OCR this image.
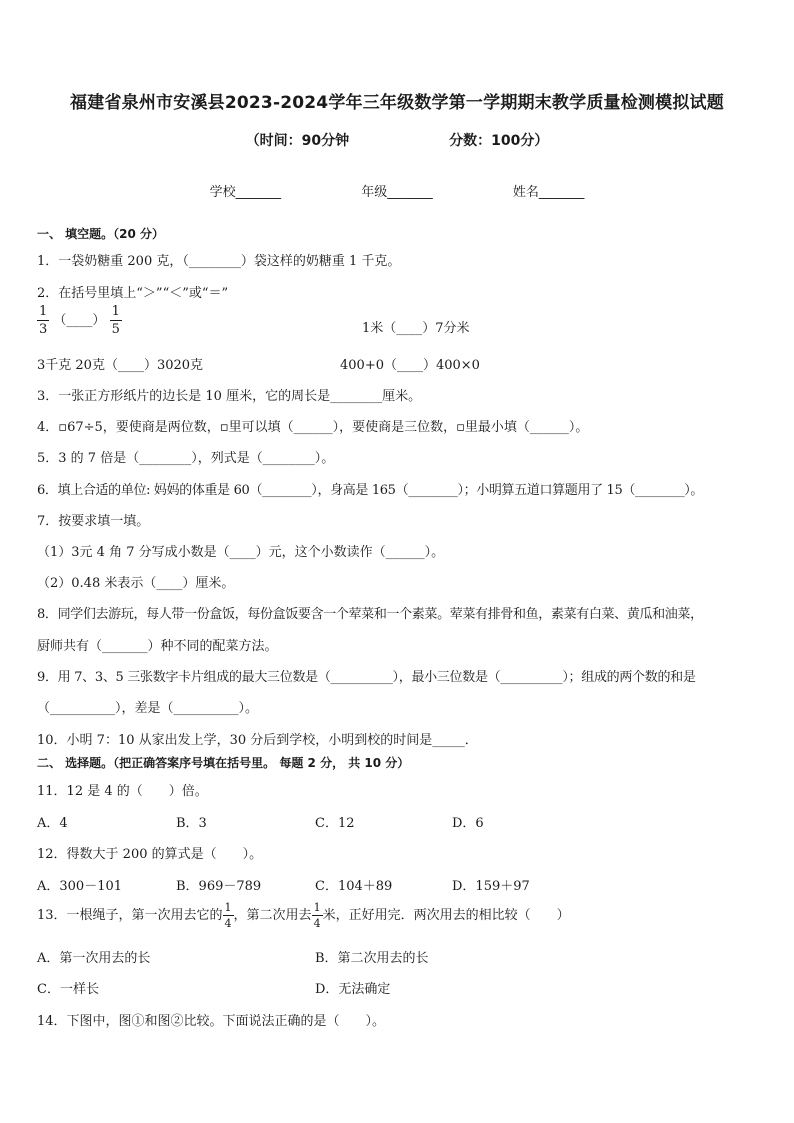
福建省泉州市安溪县2023-2024学年三年级数学第一学期期末教学质量检测模拟试题
（时间：90分钟	分数：100分）
学校_______	年级_______	姓名_______
一、 填空题。（20 分）
1．一袋奶糖重 200 克，（________）袋这样的奶糖重 1 千克。
2．在括号里填上“＞”“＜”或“＝”
$\frac{1}{3}$ （____） $\frac{1}{5}$	1米（____）7分米
3千克 20克（____）3020克	400+0（____）400×0
3．一张正方形纸片的边长是 10 厘米，它的周长是________厘米。
4．▫67÷5，要使商是两位数，▫里可以填（______），要使商是三位数，▫里最小填（______）。
5．3 的 7 倍是（________），列式是（________）。
6．填上合适的单位: 妈妈的体重是 60（________），身高是 165（________）；小明算五道口算题用了 15（________）。
7．按要求填一填。
（1）3元 4 角 7 分写成小数是（____）元，这个小数读作（______）。
（2）0.48 米表示（____）厘米。
8．同学们去游玩，每人带一份盒饭，每份盒饭要含一个荤菜和一个素菜。荤菜有排骨和鱼，素菜有白菜、黄瓜和油菜，
厨师共有（_______）种不同的配菜方法。
9．用 7、3、5 三张数字卡片组成的最大三位数是（__________），最小三位数是（__________）；组成的两个数的和是
（__________），差是（__________）。
10．小明 7：10 从家出发上学，30 分后到学校，小明到校的时间是_____．
二、 选择题。（把正确答案序号填在括号里。 每题 2 分， 共 10 分）
11．12 是 4 的（　　）倍。
A．4	B．3	C．12	D．6
12．得数大于 200 的算式是（　　）。
A．300－101	B．969－789	C．104＋89	D．159＋97
13．一根绳子，第一次用去它的 $\frac{1}{4}$ ，第二次用去 $\frac{1}{4}$ 米，正好用完．两次用去的相比较（　　）
A．第一次用去的长	B．第二次用去的长
C．一样长	D．无法确定
14．下图中，图①和图②比较。下面说法正确的是（　　）。
